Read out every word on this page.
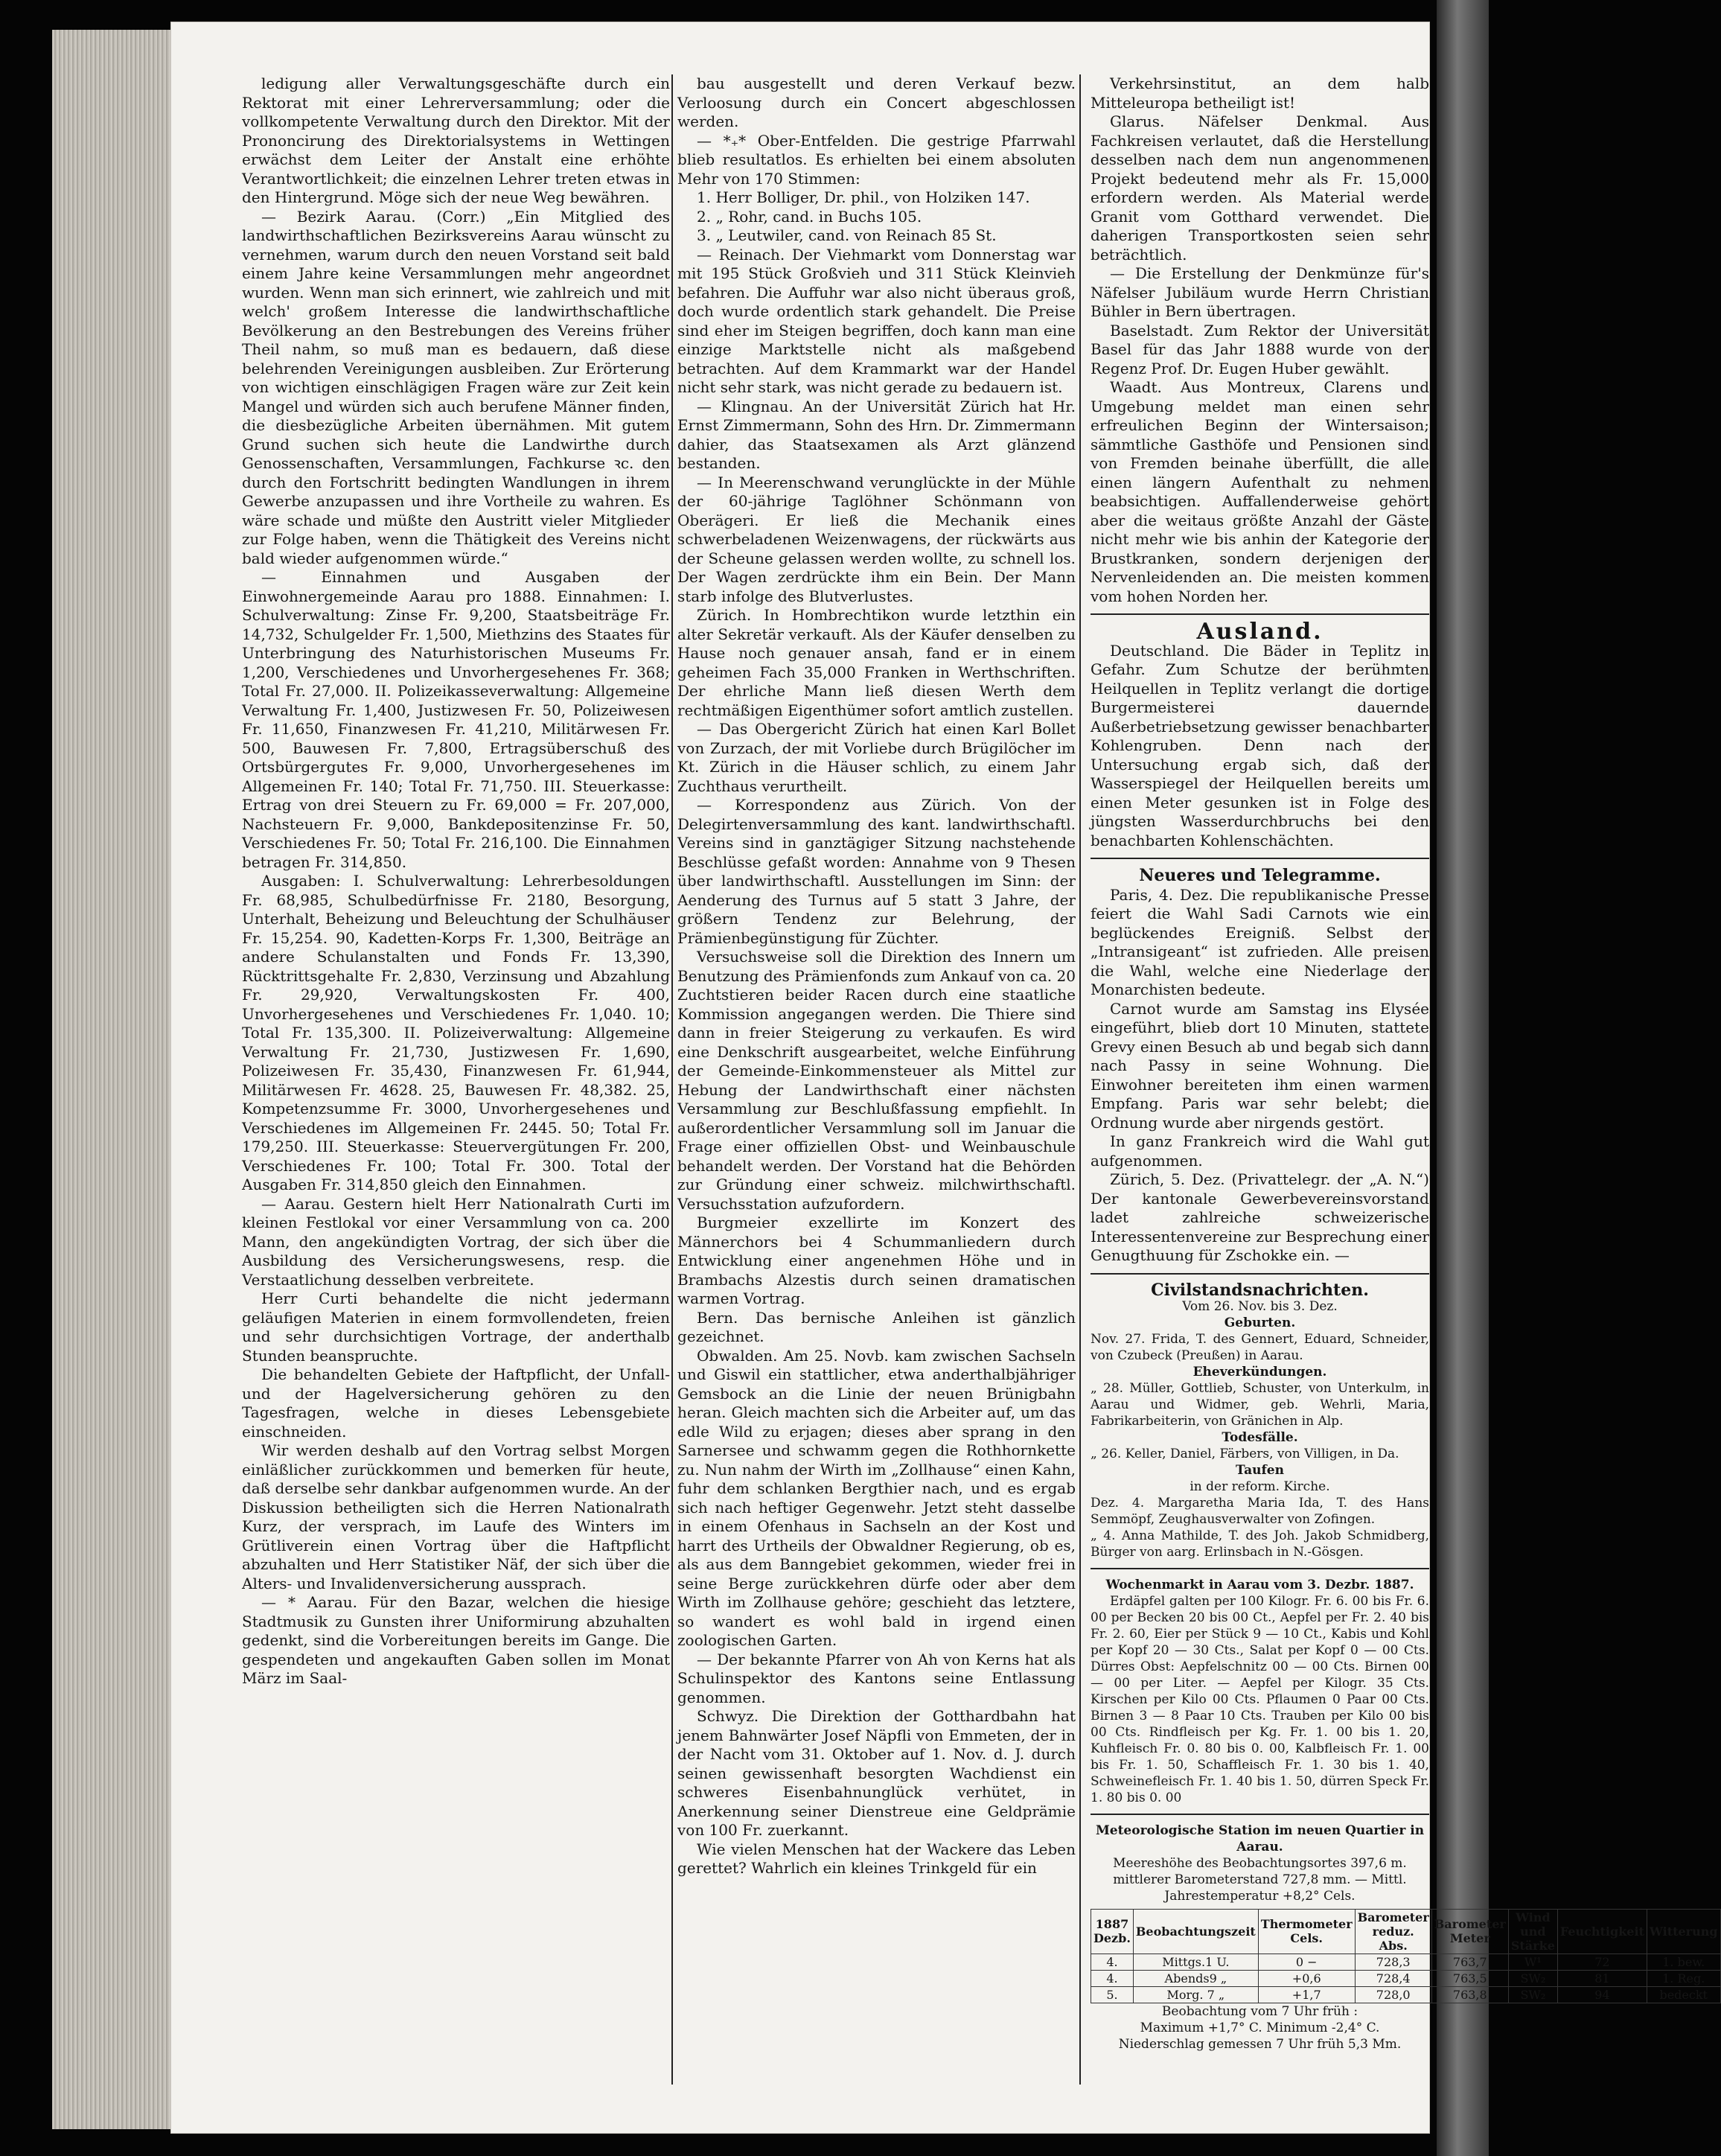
ledigung aller Verwaltungsgeschäfte durch ein Rektorat mit einer Lehrerversammlung; oder die vollkompetente Verwaltung durch den Direktor. Mit der Prononcirung des Direktorialsystems in Wettingen erwächst dem Leiter der Anstalt eine erhöhte Verantwortlichkeit; die einzelnen Lehrer treten etwas in den Hintergrund. Möge sich der neue Weg bewähren.

— Bezirk Aarau. (Corr.) „Ein Mitglied des landwirthschaftlichen Bezirksvereins Aarau wünscht zu vernehmen, warum durch den neuen Vorstand seit bald einem Jahre keine Versammlungen mehr angeordnet wurden. Wenn man sich erinnert, wie zahlreich und mit welch' großem Interesse die landwirthschaftliche Bevölkerung an den Bestrebungen des Vereins früher Theil nahm, so muß man es bedauern, daß diese belehrenden Vereinigungen ausbleiben. Zur Erörterung von wichtigen einschlägigen Fragen wäre zur Zeit kein Mangel und würden sich auch berufene Männer finden, die diesbezügliche Arbeiten übernähmen. Mit gutem Grund suchen sich heute die Landwirthe durch Genossenschaften, Versammlungen, Fachkurse ꝛc. den durch den Fortschritt bedingten Wandlungen in ihrem Gewerbe anzupassen und ihre Vortheile zu wahren. Es wäre schade und müßte den Austritt vieler Mitglieder zur Folge haben, wenn die Thätigkeit des Vereins nicht bald wieder aufgenommen würde.“

— Einnahmen und Ausgaben der Einwohnergemeinde Aarau pro 1888. Einnahmen: I. Schulverwaltung: Zinse Fr. 9,200, Staatsbeiträge Fr. 14,732, Schulgelder Fr. 1,500, Miethzins des Staates für Unterbringung des Naturhistorischen Museums Fr. 1,200, Verschiedenes und Unvorhergesehenes Fr. 368; Total Fr. 27,000. II. Polizeikasseverwaltung: Allgemeine Verwaltung Fr. 1,400, Justizwesen Fr. 50, Polizeiwesen Fr. 11,650, Finanzwesen Fr. 41,210, Militärwesen Fr. 500, Bauwesen Fr. 7,800, Ertragsüberschuß des Ortsbürgergutes Fr. 9,000, Unvorhergesehenes im Allgemeinen Fr. 140; Total Fr. 71,750. III. Steuerkasse: Ertrag von drei Steuern zu Fr. 69,000 = Fr. 207,000, Nachsteuern Fr. 9,000, Bankdepositenzinse Fr. 50, Verschiedenes Fr. 50; Total Fr. 216,100. Die Einnahmen betragen Fr. 314,850.

Ausgaben: I. Schulverwaltung: Lehrerbesoldungen Fr. 68,985, Schulbedürfnisse Fr. 2180, Besorgung, Unterhalt, Beheizung und Beleuchtung der Schulhäuser Fr. 15,254. 90, Kadetten-Korps Fr. 1,300, Beiträge an andere Schulanstalten und Fonds Fr. 13,390, Rücktrittsgehalte Fr. 2,830, Verzinsung und Abzahlung Fr. 29,920, Verwaltungskosten Fr. 400, Unvorhergesehenes und Verschiedenes Fr. 1,040. 10; Total Fr. 135,300. II. Polizeiverwaltung: Allgemeine Verwaltung Fr. 21,730, Justizwesen Fr. 1,690, Polizeiwesen Fr. 35,430, Finanzwesen Fr. 61,944, Militärwesen Fr. 4628. 25, Bauwesen Fr. 48,382. 25, Kompetenzsumme Fr. 3000, Unvorhergesehenes und Verschiedenes im Allgemeinen Fr. 2445. 50; Total Fr. 179,250. III. Steuerkasse: Steuervergütungen Fr. 200, Verschiedenes Fr. 100; Total Fr. 300. Total der Ausgaben Fr. 314,850 gleich den Einnahmen.

— Aarau. Gestern hielt Herr Nationalrath Curti im kleinen Festlokal vor einer Versammlung von ca. 200 Mann, den angekündigten Vortrag, der sich über die Ausbildung des Versicherungswesens, resp. die Verstaatlichung desselben verbreitete.

Herr Curti behandelte die nicht jedermann geläufigen Materien in einem formvollendeten, freien und sehr durchsichtigen Vortrage, der anderthalb Stunden beanspruchte.

Die behandelten Gebiete der Haftpflicht, der Unfall- und der Hagelversicherung gehören zu den Tagesfragen, welche in dieses Lebensgebiete einschneiden.

Wir werden deshalb auf den Vortrag selbst Morgen einläßlicher zurückkommen und bemerken für heute, daß derselbe sehr dankbar aufgenommen wurde. An der Diskussion betheiligten sich die Herren Nationalrath Kurz, der versprach, im Laufe des Winters im Grütliverein einen Vortrag über die Haftpflicht abzuhalten und Herr Statistiker Näf, der sich über die Alters- und Invalidenversicherung aussprach.

— * Aarau. Für den Bazar, welchen die hiesige Stadtmusik zu Gunsten ihrer Uniformirung abzuhalten gedenkt, sind die Vorbereitungen bereits im Gange. Die gespendeten und angekauften Gaben sollen im Monat März im Saal-

bau ausgestellt und deren Verkauf bezw. Verloosung durch ein Concert abgeschlossen werden.

— *₊* Ober-Entfelden. Die gestrige Pfarrwahl blieb resultatlos. Es erhielten bei einem absoluten Mehr von 170 Stimmen:

1. Herr Bolliger, Dr. phil., von Holziken 147.

2. „ Rohr, cand. in Buchs 105.

3. „ Leutwiler, cand. von Reinach 85 St.

— Reinach. Der Viehmarkt vom Donnerstag war mit 195 Stück Großvieh und 311 Stück Kleinvieh befahren. Die Auffuhr war also nicht überaus groß, doch wurde ordentlich stark gehandelt. Die Preise sind eher im Steigen begriffen, doch kann man eine einzige Marktstelle nicht als maßgebend betrachten. Auf dem Krammarkt war der Handel nicht sehr stark, was nicht gerade zu bedauern ist.

— Klingnau. An der Universität Zürich hat Hr. Ernst Zimmermann, Sohn des Hrn. Dr. Zimmermann dahier, das Staatsexamen als Arzt glänzend bestanden.

— In Meerenschwand verunglückte in der Mühle der 60-jährige Taglöhner Schönmann von Oberägeri. Er ließ die Mechanik eines schwerbeladenen Weizenwagens, der rückwärts aus der Scheune gelassen werden wollte, zu schnell los. Der Wagen zerdrückte ihm ein Bein. Der Mann starb infolge des Blutverlustes.

Zürich. In Hombrechtikon wurde letzthin ein alter Sekretär verkauft. Als der Käufer denselben zu Hause noch genauer ansah, fand er in einem geheimen Fach 35,000 Franken in Werthschriften. Der ehrliche Mann ließ diesen Werth dem rechtmäßigen Eigenthümer sofort amtlich zustellen.

— Das Obergericht Zürich hat einen Karl Bollet von Zurzach, der mit Vorliebe durch Brügilöcher im Kt. Zürich in die Häuser schlich, zu einem Jahr Zuchthaus verurtheilt.

— Korrespondenz aus Zürich. Von der Delegirtenversammlung des kant. landwirthschaftl. Vereins sind in ganztägiger Sitzung nachstehende Beschlüsse gefaßt worden: Annahme von 9 Thesen über landwirthschaftl. Ausstellungen im Sinn: der Aenderung des Turnus auf 5 statt 3 Jahre, der größern Tendenz zur Belehrung, der Prämienbegünstigung für Züchter.

Versuchsweise soll die Direktion des Innern um Benutzung des Prämienfonds zum Ankauf von ca. 20 Zuchtstieren beider Racen durch eine staatliche Kommission angegangen werden. Die Thiere sind dann in freier Steigerung zu verkaufen. Es wird eine Denkschrift ausgearbeitet, welche Einführung der Gemeinde-Einkommensteuer als Mittel zur Hebung der Landwirthschaft einer nächsten Versammlung zur Beschlußfassung empfiehlt. In außerordentlicher Versammlung soll im Januar die Frage einer offiziellen Obst- und Weinbauschule behandelt werden. Der Vorstand hat die Behörden zur Gründung einer schweiz. milchwirthschaftl. Versuchsstation aufzufordern.

Burgmeier exzellirte im Konzert des Männerchors bei 4 Schummanliedern durch Entwicklung einer angenehmen Höhe und in Brambachs Alzestis durch seinen dramatischen warmen Vortrag.

Bern. Das bernische Anleihen ist gänzlich gezeichnet.

Obwalden. Am 25. Novb. kam zwischen Sachseln und Giswil ein stattlicher, etwa anderthalbjähriger Gemsbock an die Linie der neuen Brünigbahn heran. Gleich machten sich die Arbeiter auf, um das edle Wild zu erjagen; dieses aber sprang in den Sarnersee und schwamm gegen die Rothhornkette zu. Nun nahm der Wirth im „Zollhause“ einen Kahn, fuhr dem schlanken Bergthier nach, und es ergab sich nach heftiger Gegenwehr. Jetzt steht dasselbe in einem Ofenhaus in Sachseln an der Kost und harrt des Urtheils der Obwaldner Regierung, ob es, als aus dem Banngebiet gekommen, wieder frei in seine Berge zurückkehren dürfe oder aber dem Wirth im Zollhause gehöre; geschieht das letztere, so wandert es wohl bald in irgend einen zoologischen Garten.

— Der bekannte Pfarrer von Ah von Kerns hat als Schulinspektor des Kantons seine Entlassung genommen.

Schwyz. Die Direktion der Gotthardbahn hat jenem Bahnwärter Josef Näpfli von Emmeten, der in der Nacht vom 31. Oktober auf 1. Nov. d. J. durch seinen gewissenhaft besorgten Wachdienst ein schweres Eisenbahnunglück verhütet, in Anerkennung seiner Dienstreue eine Geldprämie von 100 Fr. zuerkannt.

Wie vielen Menschen hat der Wackere das Leben gerettet? Wahrlich ein kleines Trinkgeld für ein

Verkehrsinstitut, an dem halb Mitteleuropa betheiligt ist!

Glarus. Näfelser Denkmal. Aus Fachkreisen verlautet, daß die Herstellung desselben nach dem nun angenommenen Projekt bedeutend mehr als Fr. 15,000 erfordern werden. Als Material werde Granit vom Gotthard verwendet. Die daherigen Transportkosten seien sehr beträchtlich.

— Die Erstellung der Denkmünze für's Näfelser Jubiläum wurde Herrn Christian Bühler in Bern übertragen.

Baselstadt. Zum Rektor der Universität Basel für das Jahr 1888 wurde von der Regenz Prof. Dr. Eugen Huber gewählt.

Waadt. Aus Montreux, Clarens und Umgebung meldet man einen sehr erfreulichen Beginn der Wintersaison; sämmtliche Gasthöfe und Pensionen sind von Fremden beinahe überfüllt, die alle einen längern Aufenthalt zu nehmen beabsichtigen. Auffallenderweise gehört aber die weitaus größte Anzahl der Gäste nicht mehr wie bis anhin der Kategorie der Brustkranken, sondern derjenigen der Nervenleidenden an. Die meisten kommen vom hohen Norden her.

Ausland.

Deutschland. Die Bäder in Teplitz in Gefahr. Zum Schutze der berühmten Heilquellen in Teplitz verlangt die dortige Burgermeisterei dauernde Außerbetriebsetzung gewisser benachbarter Kohlengruben. Denn nach der Untersuchung ergab sich, daß der Wasserspiegel der Heilquellen bereits um einen Meter gesunken ist in Folge des jüngsten Wasserdurchbruchs bei den benachbarten Kohlenschächten.

Neueres und Telegramme.

Paris, 4. Dez. Die republikanische Presse feiert die Wahl Sadi Carnots wie ein beglückendes Ereigniß. Selbst der „Intransigeant“ ist zufrieden. Alle preisen die Wahl, welche eine Niederlage der Monarchisten bedeute.

Carnot wurde am Samstag ins Elysée eingeführt, blieb dort 10 Minuten, stattete Grevy einen Besuch ab und begab sich dann nach Passy in seine Wohnung. Die Einwohner bereiteten ihm einen warmen Empfang. Paris war sehr belebt; die Ordnung wurde aber nirgends gestört.

In ganz Frankreich wird die Wahl gut aufgenommen.

Zürich, 5. Dez. (Privattelegr. der „A. N.“) Der kantonale Gewerbevereinsvorstand ladet zahlreiche schweizerische Interessentenvereine zur Besprechung einer Genugthuung für Zschokke ein. —

Civilstandsnachrichten.

Vom 26. Nov. bis 3. Dez.

Geburten.

Nov. 27. Frida, T. des Gennert, Eduard, Schneider, von Czubeck (Preußen) in Aarau.

Eheverkündungen.

„ 28. Müller, Gottlieb, Schuster, von Unterkulm, in Aarau und Widmer, geb. Wehrli, Maria, Fabrikarbeiterin, von Gränichen in Alp.

Todesfälle.

„ 26. Keller, Daniel, Färbers, von Villigen, in Da.

Taufen

in der reform. Kirche.

Dez. 4. Margaretha Maria Ida, T. des Hans Semmöpf, Zeughausverwalter von Zofingen.

„ 4. Anna Mathilde, T. des Joh. Jakob Schmidberg, Bürger von aarg. Erlinsbach in N.-Gösgen.

Wochenmarkt in Aarau vom 3. Dezbr. 1887.

Erdäpfel galten per 100 Kilogr. Fr. 6. 00 bis Fr. 6. 00 per Becken 20 bis 00 Ct., Aepfel per Fr. 2. 40 bis Fr. 2. 60, Eier per Stück 9 — 10 Ct., Kabis und Kohl per Kopf 20 — 30 Cts., Salat per Kopf 0 — 00 Cts. Dürres Obst: Aepfelschnitz 00 — 00 Cts. Birnen 00 — 00 per Liter. — Aepfel per Kilogr. 35 Cts. Kirschen per Kilo 00 Cts. Pflaumen 0 Paar 00 Cts. Birnen 3 — 8 Paar 10 Cts. Trauben per Kilo 00 bis 00 Cts. Rindfleisch per Kg. Fr. 1. 00 bis 1. 20, Kuhfleisch Fr. 0. 80 bis 0. 00, Kalbfleisch Fr. 1. 00 bis Fr. 1. 50, Schaffleisch Fr. 1. 30 bis 1. 40, Schweinefleisch Fr. 1. 40 bis 1. 50, dürren Speck Fr. 1. 80 bis 0. 00

Meteorologische Station im neuen Quartier in Aarau.

Meereshöhe des Beobachtungsortes 397,6 m. mittlerer Barometerstand 727,8 mm. — Mittl. Jahrestemperatur +8,2° Cels.

1887 Dezb.	Beobachtungszeit	Thermometer Cels.	Barometer reduz. Abs.	Barometer Meter	Wind und Stärke	Feuchtigkeit	Witterung
4.	Mittgs.1 U.	0 −	728,3	763,7	W¹	72	1. bew.
4.	Abends9 „	+0,6	728,4	763,5	SW₂	81	1. Reg.
5.	Morg. 7 „	+1,7	728,0	763,8	SW₂	94	bedeckt

Beobachtung vom 7 Uhr früh :

Maximum +1,7° C. Minimum -2,4° C.

Niederschlag gemessen 7 Uhr früh 5,3 Mm.
